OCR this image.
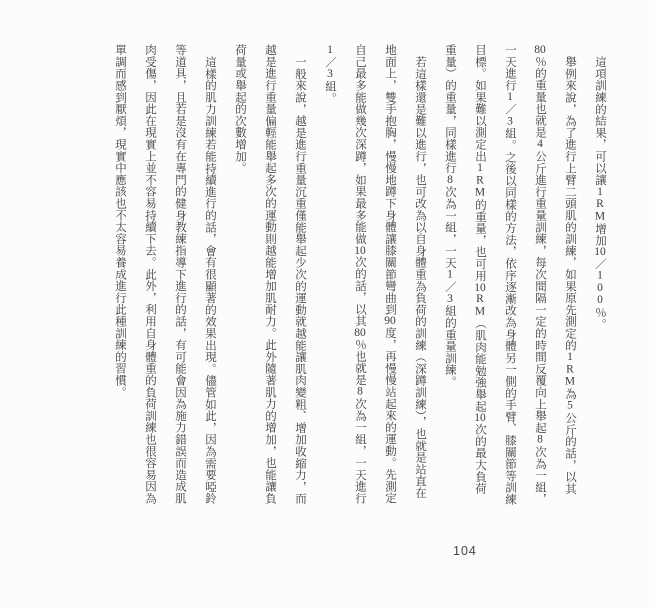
這項訓練的結果，可以讓1RM增加10／100％。

舉例來說，為了進行上臂二頭肌的訓練，如果原先測定的1RM為5公斤的話，以其80％的重量也就是4公斤進行重量訓練，每次間隔一定的時間反覆向上舉起8次為一組，一天進行1／3組。之後以同樣的方法，依序逐漸改為身體另一側的手臂、膝關節等訓練目標。如果難以測定出1RM的重量，也可用10RM（肌肉能勉強舉起10次的最大負荷重量）的重量，同樣進行8次為一組，一天1／3組的重量訓練。

若這樣還是難以進行，也可改為以自身體重為負荷的訓練（深蹲訓練），也就是站直在地面上，雙手抱胸，慢慢地蹲下身體讓膝關節彎曲到90度，再慢慢站起來的運動。先測定自己最多能做幾次深蹲，如果最多能做10次的話，以其80％也就是8次為一組，一天進行1／3組。

一般來說，越是進行重量沉重僅能舉起少次的運動就越能讓肌肉變粗、增加收縮力，而越是進行重量偏輕能舉起多次的運動則越能增加肌耐力。此外隨著肌力的增加，也能讓負荷量或舉起的次數增加。

這樣的肌力訓練若能持續進行的話，會有很顯著的效果出現。儘管如此，因為需要啞鈴等道具，且若是沒有在專門的健身教練指導下進行的話，有可能會因為施力錯誤而造成肌肉受傷，因此在現實上並不容易持續下去。此外，利用自身體重的負荷訓練也很容易因為單調而感到厭煩，現實中應該也不太容易養成進行此種訓練的習慣。

104
